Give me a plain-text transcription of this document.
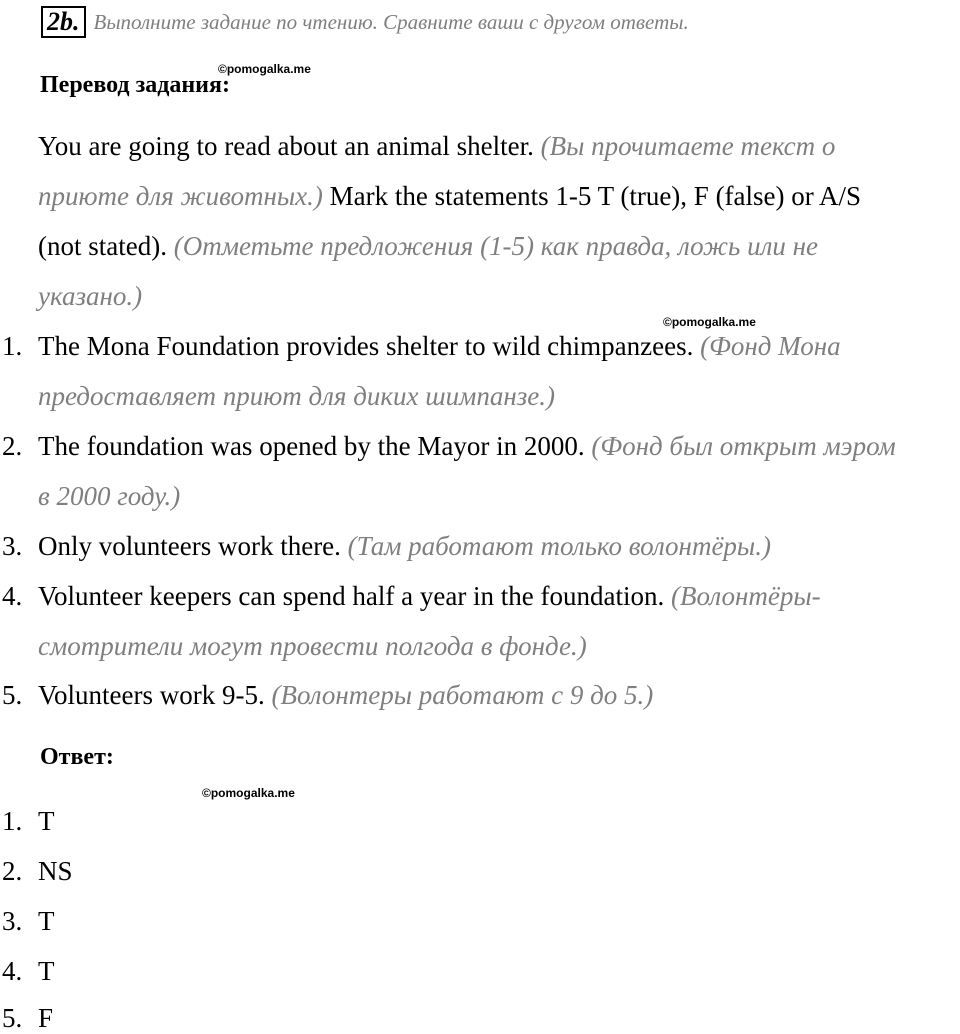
2b. Выполните задание по чтению. Сравните ваши с другом ответы.
©pomogalka.me
Перевод задания:
You are going to read about an animal shelter. (Вы прочитаете текст о
приюте для животных.) Mark the statements 1-5 T (true), F (false) or A/S
(not stated). (Отметьте предложения (1-5) как правда, ложь или не
указано.)
©pomogalka.me
1. The Mona Foundation provides shelter to wild chimpanzees. (Фонд Мона
предоставляет приют для диких шимпанзе.)
2. The foundation was opened by the Mayor in 2000. (Фонд был открыт мэром
в 2000 году.)
3. Only volunteers work there. (Там работают только волонтёры.)
4. Volunteer keepers can spend half a year in the foundation. (Волонтёры-
смотрители могут провести полгода в фонде.)
5. Volunteers work 9-5. (Волонтеры работают с 9 до 5.)
Ответ:
©pomogalka.me
1. T
2. NS
3. T
4. T
5. F
